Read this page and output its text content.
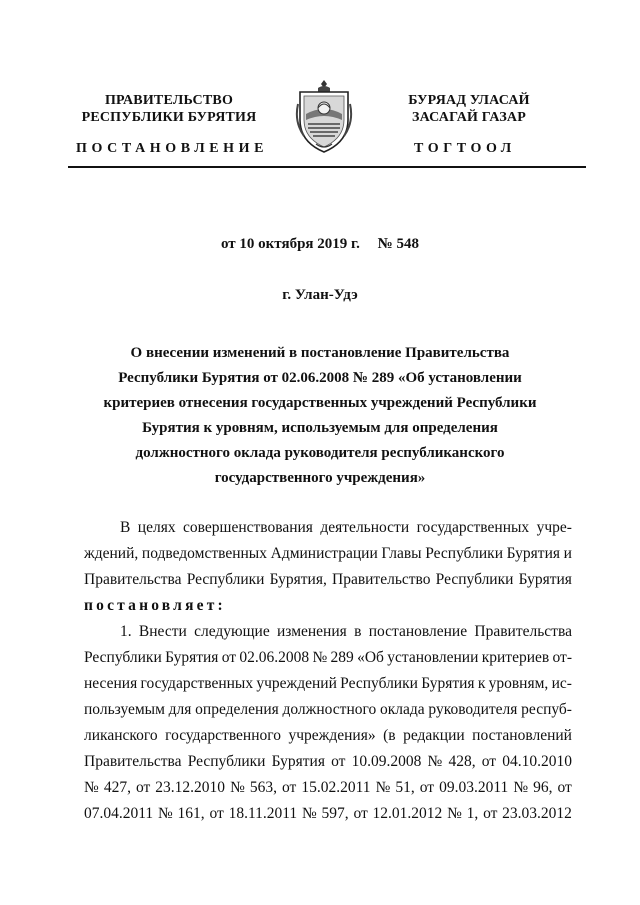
ПРАВИТЕЛЬСТВО
РЕСПУБЛИКИ БУРЯТИЯ
БУРЯАД УЛАСАЙ
ЗАСАГАЙ ГАЗАР
ПОСТАНОВЛЕНИЕ	ТОГТООЛ
от 10 октября 2019 г. № 548
г. Улан-Удэ
О внесении изменений в постановление Правительства
Республики Бурятия от 02.06.2008 № 289 «Об установлении
критериев отнесения государственных учреждений Республики
Бурятия к уровням, используемым для определения
должностного оклада руководителя республиканского
государственного учреждения»
В целях совершенствования деятельности государственных учре-
ждений, подведомственных Администрации Главы Республики Бурятия и
Правительства Республики Бурятия, Правительство Республики Бурятия
постановляет:
1. Внести следующие изменения в постановление Правительства
Республики Бурятия от 02.06.2008 № 289 «Об установлении критериев от-
несения государственных учреждений Республики Бурятия к уровням, ис-
пользуемым для определения должностного оклада руководителя респуб-
ликанского государственного учреждения» (в редакции постановлений
Правительства Республики Бурятия от 10.09.2008 № 428, от 04.10.2010
№ 427, от 23.12.2010 № 563, от 15.02.2011 № 51, от 09.03.2011 № 96, от
07.04.2011 № 161, от 18.11.2011 № 597, от 12.01.2012 № 1, от 23.03.2012
